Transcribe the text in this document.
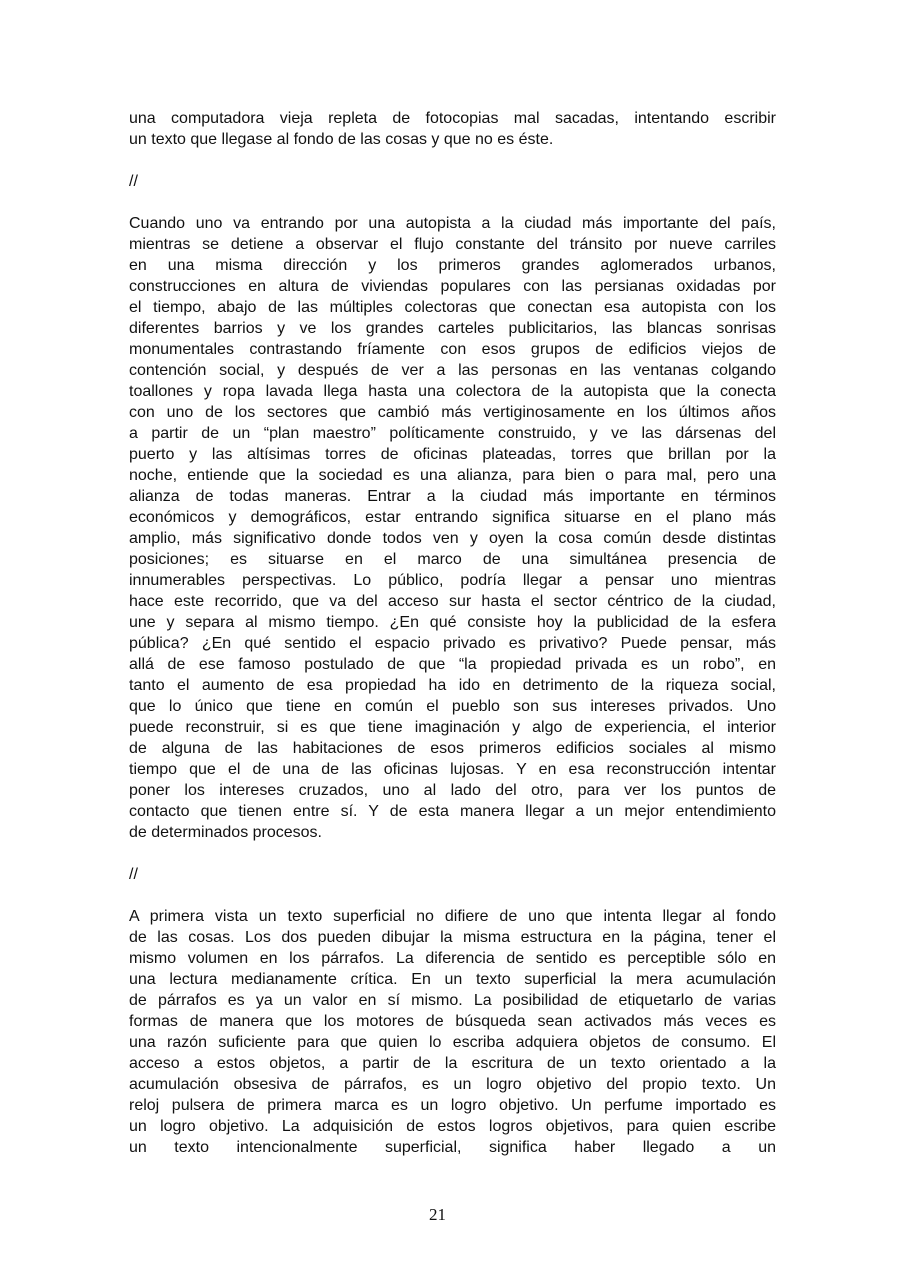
una computadora vieja repleta de fotocopias mal sacadas, intentando escribir
un texto que llegase al fondo de las cosas y que no es éste.
//
Cuando uno va entrando por una autopista a la ciudad más importante del país,
mientras se detiene a observar el flujo constante del tránsito por nueve carriles
en una misma dirección y los primeros grandes aglomerados urbanos,
construcciones en altura de viviendas populares con las persianas oxidadas por
el tiempo, abajo de las múltiples colectoras que conectan esa autopista con los
diferentes barrios y ve los grandes carteles publicitarios, las blancas sonrisas
monumentales contrastando fríamente con esos grupos de edificios viejos de
contención social, y después de ver a las personas en las ventanas colgando
toallones y ropa lavada llega hasta una colectora de la autopista que la conecta
con uno de los sectores que cambió más vertiginosamente en los últimos años
a partir de un “plan maestro” políticamente construido, y ve las dársenas del
puerto y las altísimas torres de oficinas plateadas, torres que brillan por la
noche, entiende que la sociedad es una alianza, para bien o para mal, pero una
alianza de todas maneras. Entrar a la ciudad más importante en términos
económicos y demográficos, estar entrando significa situarse en el plano más
amplio, más significativo donde todos ven y oyen la cosa común desde distintas
posiciones; es situarse en el marco de una simultánea presencia de
innumerables perspectivas. Lo público, podría llegar a pensar uno mientras
hace este recorrido, que va del acceso sur hasta el sector céntrico de la ciudad,
une y separa al mismo tiempo. ¿En qué consiste hoy la publicidad de la esfera
pública? ¿En qué sentido el espacio privado es privativo? Puede pensar, más
allá de ese famoso postulado de que “la propiedad privada es un robo”, en
tanto el aumento de esa propiedad ha ido en detrimento de la riqueza social,
que lo único que tiene en común el pueblo son sus intereses privados. Uno
puede reconstruir, si es que tiene imaginación y algo de experiencia, el interior
de alguna de las habitaciones de esos primeros edificios sociales al mismo
tiempo que el de una de las oficinas lujosas. Y en esa reconstrucción intentar
poner los intereses cruzados, uno al lado del otro, para ver los puntos de
contacto que tienen entre sí. Y de esta manera llegar a un mejor entendimiento
de determinados procesos.
//
A primera vista un texto superficial no difiere de uno que intenta llegar al fondo
de las cosas. Los dos pueden dibujar la misma estructura en la página, tener el
mismo volumen en los párrafos. La diferencia de sentido es perceptible sólo en
una lectura medianamente crítica. En un texto superficial la mera acumulación
de párrafos es ya un valor en sí mismo. La posibilidad de etiquetarlo de varias
formas de manera que los motores de búsqueda sean activados más veces es
una razón suficiente para que quien lo escriba adquiera objetos de consumo. El
acceso a estos objetos, a partir de la escritura de un texto orientado a la
acumulación obsesiva de párrafos, es un logro objetivo del propio texto. Un
reloj pulsera de primera marca es un logro objetivo. Un perfume importado es
un logro objetivo. La adquisición de estos logros objetivos, para quien escribe
un texto intencionalmente superficial, significa haber llegado a un
21
